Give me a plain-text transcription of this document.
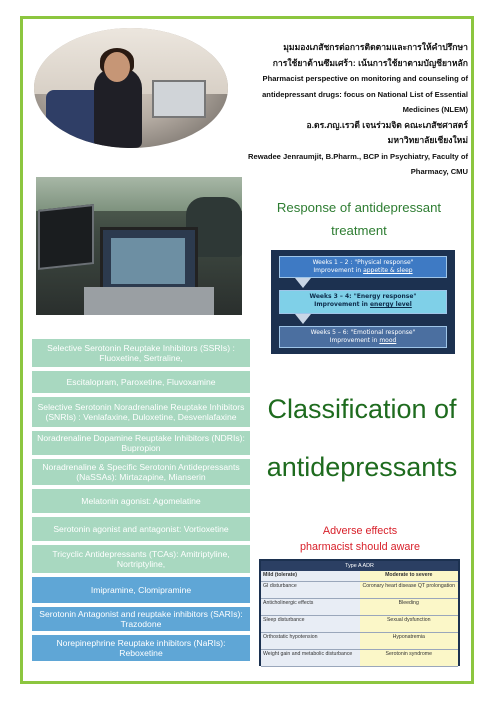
มุมมองเภสัชกรต่อการติดตามและการให้คำปรึกษา
การใช้ยาต้านซึมเศร้า: เน้นการใช้ยาตามบัญชียาหลัก
Pharmacist perspective on monitoring and counseling of
antidepressant drugs: focus on National List of Essential
Medicines (NLEM)
อ.ดร.ภญ.เรวดี เจนร่วมจิต คณะเภสัชศาสตร์
มหาวิทยาลัยเชียงใหม่
Rewadee Jenraumjit, B.Pharm., BCP in Psychiatry, Faculty of
Pharmacy, CMU
Response of antidepressant
treatment
Weeks 1 – 2 : "Physical response"
Improvement in appetite & sleep
Weeks 3 – 4: "Energy response"
Improvement in energy level
Weeks 5 – 6: "Emotional response"
Improvement in mood
Selective Serotonin Reuptake Inhibitors (SSRIs) : Fluoxetine, Sertraline,
Escitalopram, Paroxetine, Fluvoxamine
Selective Serotonin Noradrenaline Reuptake Inhibitors (SNRIs) : Venlafaxine, Duloxetine, Desvenlafaxine
Noradrenaline Dopamine Reuptake Inhibitors (NDRIs): Bupropion
Noradrenaline & Specific Serotonin Antidepressants (NaSSAs): Mirtazapine, Mianserin
Melatonin agonist: Agomelatine
Serotonin agonist and antagonist: Vortioxetine
Tricyclic Antidepressants (TCAs): Amitriptyline, Nortriptyline,
Imipramine, Clomipramine
Serotonin Antagonist and reuptake inhibitors (SARIs): Trazodone
Norepinephrine Reuptake inhibitors (NaRIs): Reboxetine
Classification of
antidepressants
Adverse effects
pharmacist should aware
Type A ADR
Mild (tolerate)	Moderate to severe
GI disturbance	Coronary heart disease QT prolongation
Anticholinergic effects	Bleeding
Sleep disturbance	Sexual dysfunction
Orthostatic hypotension	Hyponatremia
Weight gain and metabolic disturbance	Serotonin syndrome
